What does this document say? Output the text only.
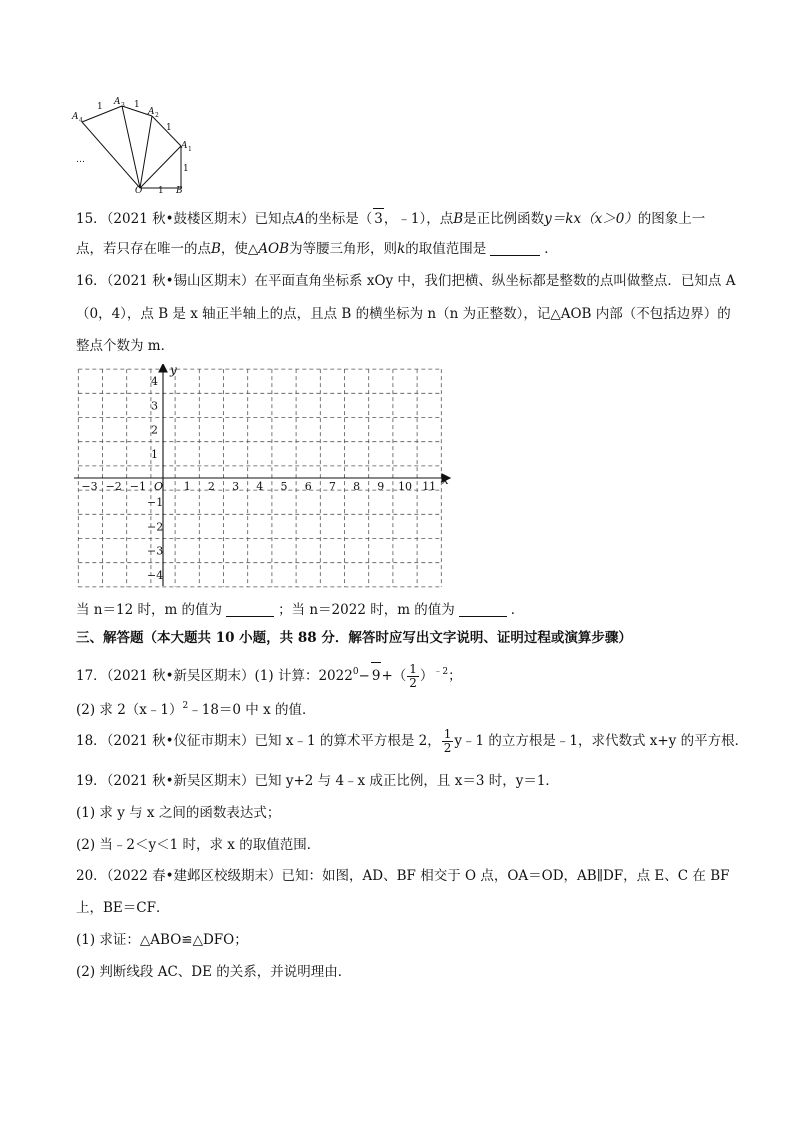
A 4
A 3
A 2
A 1
O	B
1	1
1
1
1
…
15．（2021 秋•鼓楼区期末）已知点A的坐标是（ 3，﹣1），点B是正比例函数y＝kx（x＞0）的图象上一
点，若只存在唯一的点B，使△AOB为等腰三角形，则k的取值范围是	．
16．（2021 秋•锡山区期末）在平面直角坐标系 xOy 中，我们把横、纵坐标都是整数的点叫做整点．已知点 A
（0，4），点 B 是 x 轴正半轴上的点，且点 B 的横坐标为 n（n 为正整数），记△AOB 内部（不包括边界）的
整点个数为 m．
−3 −2 −1	1 2 3 4 5 6 7 8 9 10 11
4
3
2
1
−1
−2
−3
−4
x
y
O
当 n＝12 时，m 的值为	；当 n＝2022 时，m 的值为	．
三、解答题（本大题共 10 小题，共 88 分．解答时应写出文字说明、证明过程或演算步骤）
17．（2021 秋•新吴区期末）(1) 计算：$2022^0- 9+( \frac{1}{2} )^{﹣2}$；
(2) 求 2（x﹣1）$^2$﹣18＝0 中 x 的值．
18．（2021 秋•仪征市期末）已知 x﹣1 的算术平方根是 2， $\frac{1}{2}$ y﹣1 的立方根是﹣1，求代数式 x+y 的平方根．
19．（2021 秋•新吴区期末）已知 y+2 与 4﹣x 成正比例，且 x＝3 时，y＝1．
(1) 求 y 与 x 之间的函数表达式；
(2) 当﹣2＜y＜1 时，求 x 的取值范围．
20．（2022 春•建邺区校级期末）已知：如图，AD、BF 相交于 O 点，OA＝OD，AB∥DF，点 E、C 在 BF
上，BE＝CF．
(1) 求证：△ABO≌△DFO；
(2) 判断线段 AC、DE 的关系，并说明理由．
